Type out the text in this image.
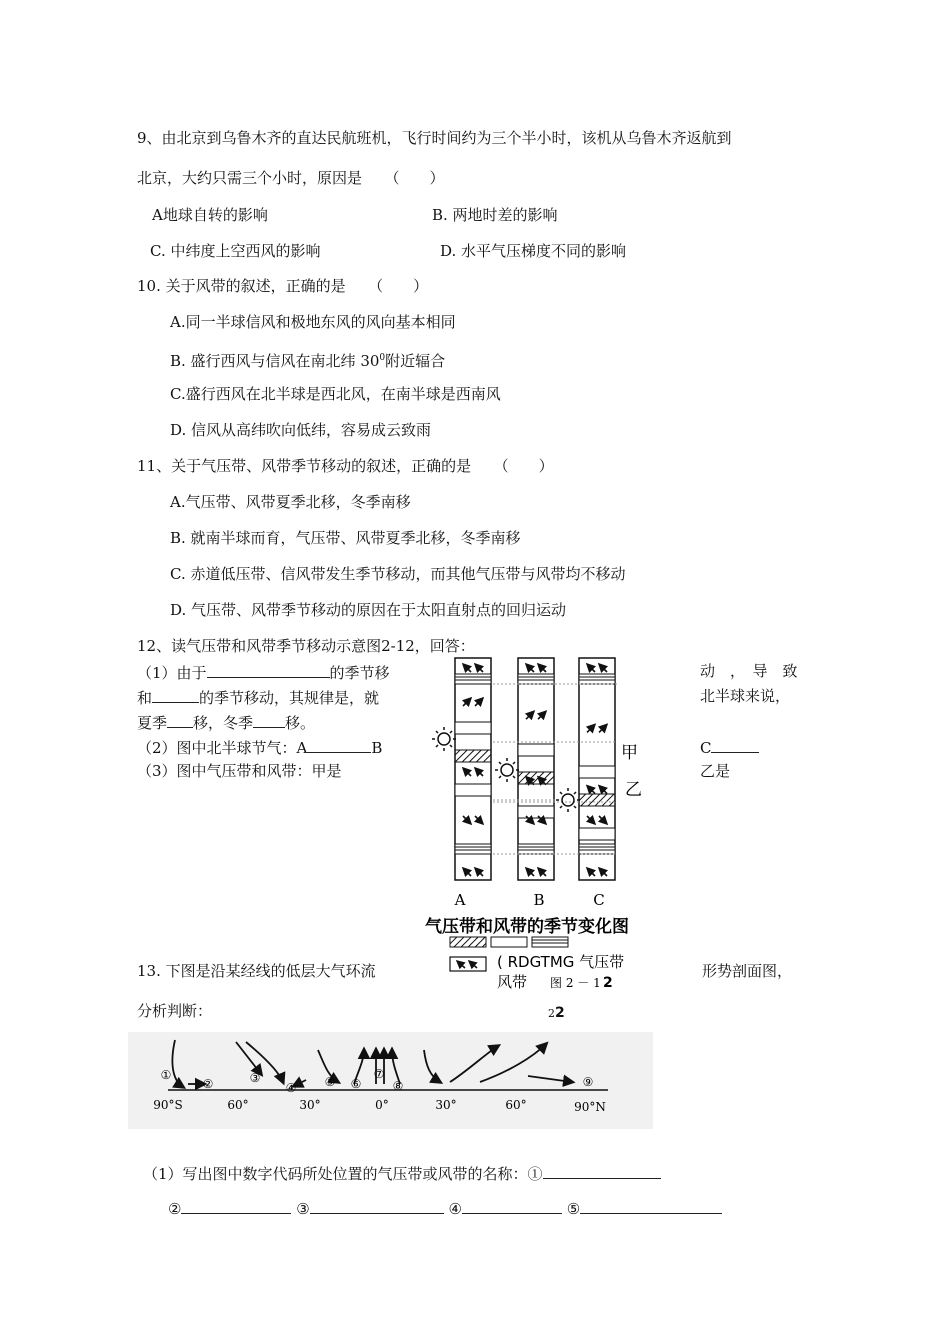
9、由北京到乌鲁木齐的直达民航班机，飞行时间约为三个半小时，该机从乌鲁木齐返航到
北京，大约只需三个小时，原因是　　（　　）
A地球自转的影响	B. 两地时差的影响
C. 中纬度上空西风的影响	D. 水平气压梯度不同的影响
10. 关于风带的叙述，正确的是　　（　　）
A.同一半球信风和极地东风的风向基本相同
B. 盛行西风与信风在南北纬 $30^0$附近辐合
C.盛行西风在北半球是西北风，在南半球是西南风
D. 信风从高纬吹向低纬，容易成云致雨
11、关于气压带、风带季节移动的叙述，正确的是　　（　　）
A.气压带、风带夏季北移，冬季南移
B. 就南半球而育，气压带、风带夏季北移，冬季南移
C. 赤道低压带、信风带发生季节移动，而其他气压带与风带均不移动
D. 气压带、风带季节移动的原因在于太阳直射点的回归运动
12、读气压带和风带季节移动示意图2-12，回答：
（1）由于	的季节移	动　，　导　致
和	的季节移动，其规律是，就	北半球来说，
夏季 移，冬季 移。
（2）图中北半球节气：A	B	C
（3）图中气压带和风带：甲是	乙是
甲
乙
A	B	C
气压带和风带的季节变化图
( RDGTMG 气压带
风带 图 2 － 1 2
22
13. 下图是沿某经线的低层大气环流	形势剖面图，
分析判断：
①
②	③
④ ⑤ ⑥
⑦
⑧	⑨
90°S	60°	30°	0°	30°	60°	90°N
（1）写出图中数字代码所处位置的气压带或风带的名称：①
②	③	④	⑤
